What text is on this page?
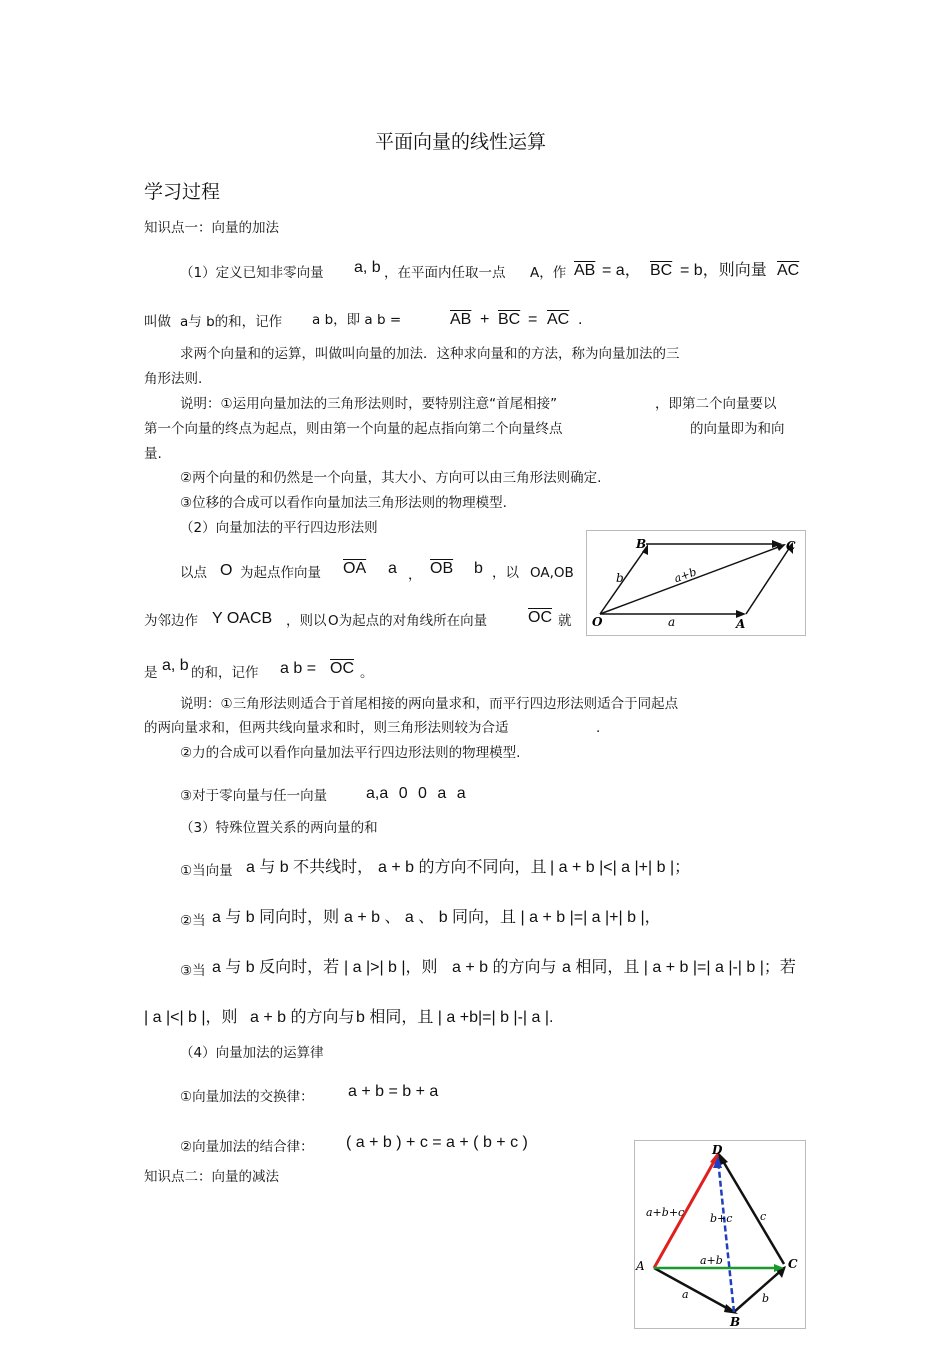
平面向量的线性运算
学习过程
知识点一：向量的加法
（1）定义已知非零向量 a, b ，在平面内任取一点 A，作 $\overline{AB} = a$， $\overline{BC} = b$，则向量 $\overline{AC}$
叫做 a与 b的和，记作 a b，即 a b =	$\overline{AB} + \overline{BC} = \overline{AC}$ .
求两个向量和的运算，叫做叫向量的加法．这种求向量和的方法，称为向量加法的三
角形法则.
说明：①运用向量加法的三角形法则时，要特别注意“首尾相接”	，即第二个向量要以
第一个向量的终点为起点，则由第一个向量的起点指向第二个向量终点	的向量即为和向
量.
②两个向量的和仍然是一个向量，其大小、方向可以由三角形法则确定.
③位移的合成可以看作向量加法三角形法则的物理模型.
（2）向量加法的平行四边形法则
以点 O 为起点作向量 $\overline{OA}$ a ， $\overline{OB}$ b ，以 OA,OB
为邻边作 Y OACB ，则以 O为起点的对角线所在向量	$\overline{OC}$ 就
是 a, b 的和，记作 a $b = \overline{OC}$ 。
B	C
O	A
b
a
a+b
说明：①三角形法则适合于首尾相接的两向量求和，而平行四边形法则适合于同起点
的两向量求和，但两共线向量求和时，则三角形法则较为合适	.
②力的合成可以看作向量加法平行四边形法则的物理模型.
③对于零向量与任一向量 a,a 0 0 a a
（3）特殊位置关系的两向量的和
①当向量 a 与 b 不共线时， a + b 的方向不同向，且 | a + b |<| a |+| b |；
②当 a 与 b 同向时，则 a + b 、 a 、 b 同向，且 | a + b |=| a |+| b |，
③当 a 与 b 反向时，若 | a |>| b |，则 a + b 的方向与 a 相同，且 | a + b |=| a |-| b |；若
| a |<| b |，则 a + b 的方向与 b 相同，且 | a +b|=| b |-| a |.
（4）向量加法的运算律
①向量加法的交换律： a + b = b + a
②向量加法的结合律： ( a + b ) + c = a + ( b + c )
知识点二：向量的减法
D
A
B
C
a+b+c b+c	c
a+b
a	b
